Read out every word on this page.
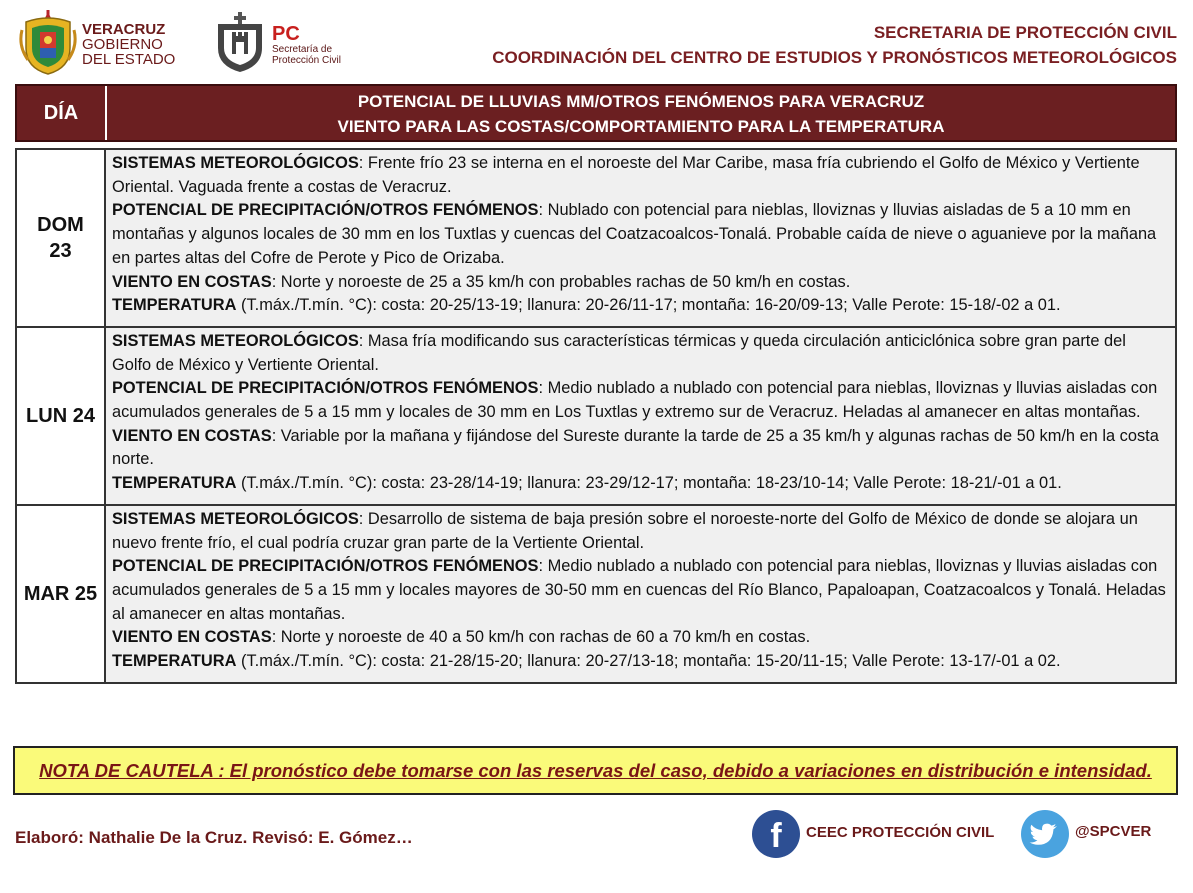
VERACRUZ
GOBIERNO
DEL ESTADO
PC
Secretaría de
Protección Civil
SECRETARIA DE PROTECCIÓN CIVIL
COORDINACIÓN DEL CENTRO DE ESTUDIOS Y PRONÓSTICOS METEOROLÓGICOS
DÍA	POTENCIAL DE LLUVIAS MM/OTROS FENÓMENOS PARA VERACRUZ
VIENTO PARA LAS COSTAS/COMPORTAMIENTO PARA LA TEMPERATURA
DOM
23
SISTEMAS METEOROLÓGICOS: Frente frío 23 se interna en el noroeste del Mar Caribe, masa fría cubriendo el Golfo de México y Vertiente Oriental. Vaguada frente a costas de Veracruz.
POTENCIAL DE PRECIPITACIÓN/OTROS FENÓMENOS: Nublado con potencial para nieblas, lloviznas y lluvias aisladas de 5 a 10 mm en montañas y algunos locales de 30 mm en los Tuxtlas y cuencas del Coatzacoalcos-Tonalá. Probable caída de nieve o aguanieve por la mañana en partes altas del Cofre de Perote y Pico de Orizaba.
VIENTO EN COSTAS: Norte y noroeste de 25 a 35 km/h con probables rachas de 50 km/h en costas.
TEMPERATURA (T.máx./T.mín. °C): costa: 20-25/13-19; llanura: 20-26/11-17; montaña: 16-20/09-13; Valle Perote: 15-18/-02 a 01.
LUN 24
SISTEMAS METEOROLÓGICOS: Masa fría modificando sus características térmicas y queda circulación anticiclónica sobre gran parte del Golfo de México y Vertiente Oriental.
POTENCIAL DE PRECIPITACIÓN/OTROS FENÓMENOS: Medio nublado a nublado con potencial para nieblas, lloviznas y lluvias aisladas con acumulados generales de 5 a 15 mm y locales de 30 mm en Los Tuxtlas y extremo sur de Veracruz. Heladas al amanecer en altas montañas.
VIENTO EN COSTAS: Variable por la mañana y fijándose del Sureste durante la tarde de 25 a 35 km/h y algunas rachas de 50 km/h en la costa norte.
TEMPERATURA (T.máx./T.mín. °C): costa: 23-28/14-19; llanura: 23-29/12-17; montaña: 18-23/10-14; Valle Perote: 18-21/-01 a 01.
MAR 25
SISTEMAS METEOROLÓGICOS: Desarrollo de sistema de baja presión sobre el noroeste-norte del Golfo de México de donde se alojara un nuevo frente frío, el cual podría cruzar gran parte de la Vertiente Oriental.
POTENCIAL DE PRECIPITACIÓN/OTROS FENÓMENOS: Medio nublado a nublado con potencial para nieblas, lloviznas y lluvias aisladas con acumulados generales de 5 a 15 mm y locales mayores de 30-50 mm en cuencas del Río Blanco, Papaloapan, Coatzacoalcos y Tonalá. Heladas al amanecer en altas montañas.
VIENTO EN COSTAS: Norte y noroeste de 40 a 50 km/h con rachas de 60 a 70 km/h en costas.
TEMPERATURA (T.máx./T.mín. °C): costa: 21-28/15-20; llanura: 20-27/13-18; montaña: 15-20/11-15; Valle Perote: 13-17/-01 a 02.
NOTA DE CAUTELA : El pronóstico debe tomarse con las reservas del caso, debido a variaciones en distribución e intensidad.
Elaboró: Nathalie De la Cruz. Revisó: E. Gómez…	f	CEEC PROTECCIÓN CIVIL	@SPCVER
